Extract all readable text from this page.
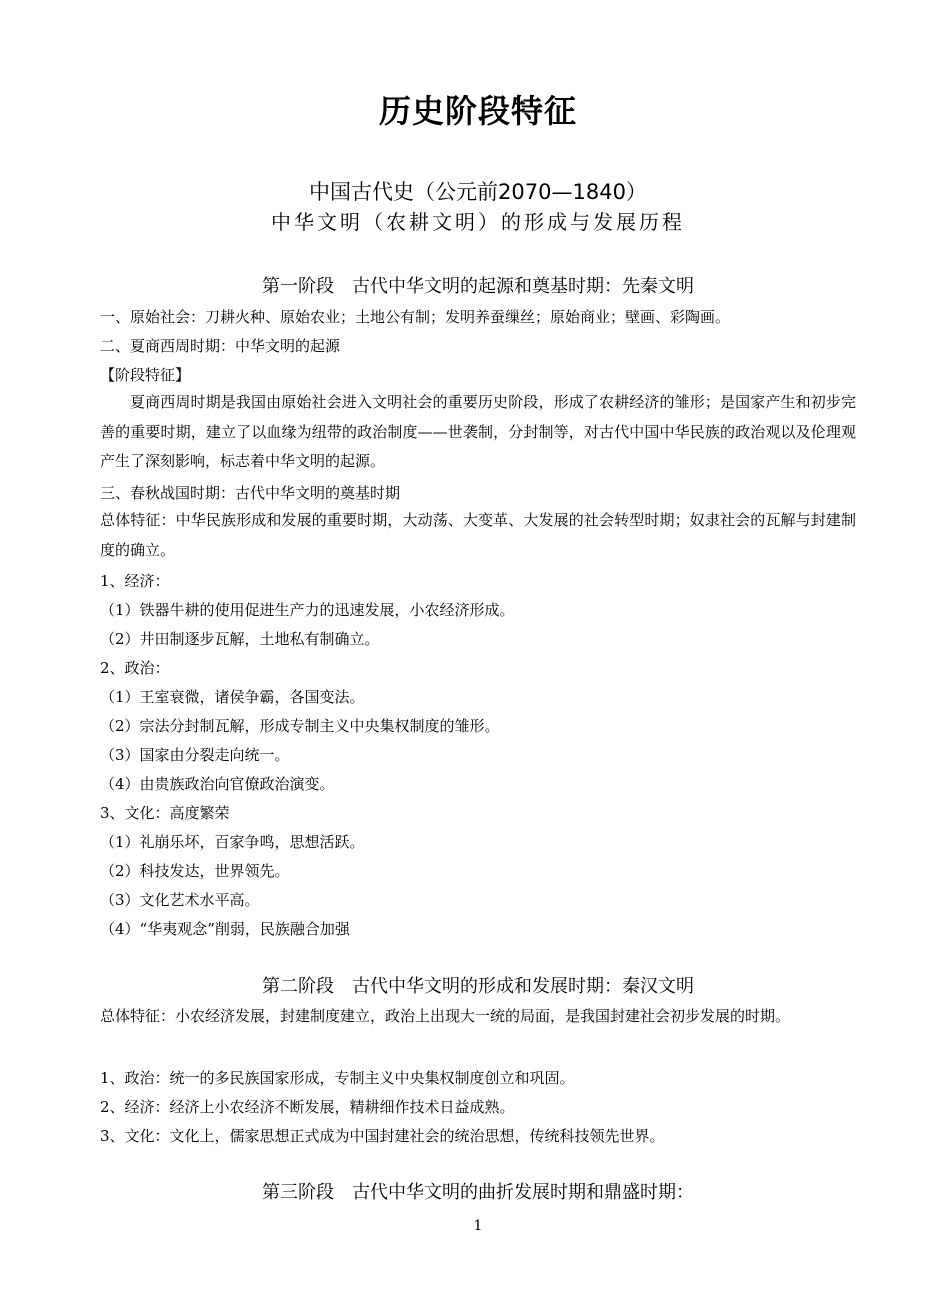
历史阶段特征
中国古代史（公元前2070—1840）
中华文明（农耕文明）的形成与发展历程
第一阶段　古代中华文明的起源和奠基时期：先秦文明
一、原始社会：刀耕火种、原始农业；土地公有制；发明养蚕缫丝；原始商业；壁画、彩陶画。
二、夏商西周时期：中华文明的起源
【阶段特征】
夏商西周时期是我国由原始社会进入文明社会的重要历史阶段，形成了农耕经济的雏形；是国家产生和初步完善的重要时期，建立了以血缘为纽带的政治制度——世袭制，分封制等，对古代中国中华民族的政治观以及伦理观产生了深刻影响，标志着中华文明的起源。
三、春秋战国时期：古代中华文明的奠基时期
总体特征：中华民族形成和发展的重要时期，大动荡、大变革、大发展的社会转型时期；奴隶社会的瓦解与封建制度的确立。
1、经济：
（1）铁器牛耕的使用促进生产力的迅速发展，小农经济形成。
（2）井田制逐步瓦解，土地私有制确立。
2、政治：
（1）王室衰微，诸侯争霸，各国变法。
（2）宗法分封制瓦解，形成专制主义中央集权制度的雏形。
（3）国家由分裂走向统一。
（4）由贵族政治向官僚政治演变。
3、文化：高度繁荣
（1）礼崩乐坏，百家争鸣，思想活跃。
（2）科技发达，世界领先。
（3）文化艺术水平高。
（4）“华夷观念”削弱，民族融合加强
第二阶段　古代中华文明的形成和发展时期：秦汉文明
总体特征：小农经济发展，封建制度建立，政治上出现大一统的局面，是我国封建社会初步发展的时期。
1、政治：统一的多民族国家形成，专制主义中央集权制度创立和巩固。
2、经济：经济上小农经济不断发展，精耕细作技术日益成熟。
3、文化：文化上，儒家思想正式成为中国封建社会的统治思想，传统科技领先世界。
第三阶段　古代中华文明的曲折发展时期和鼎盛时期：
1
